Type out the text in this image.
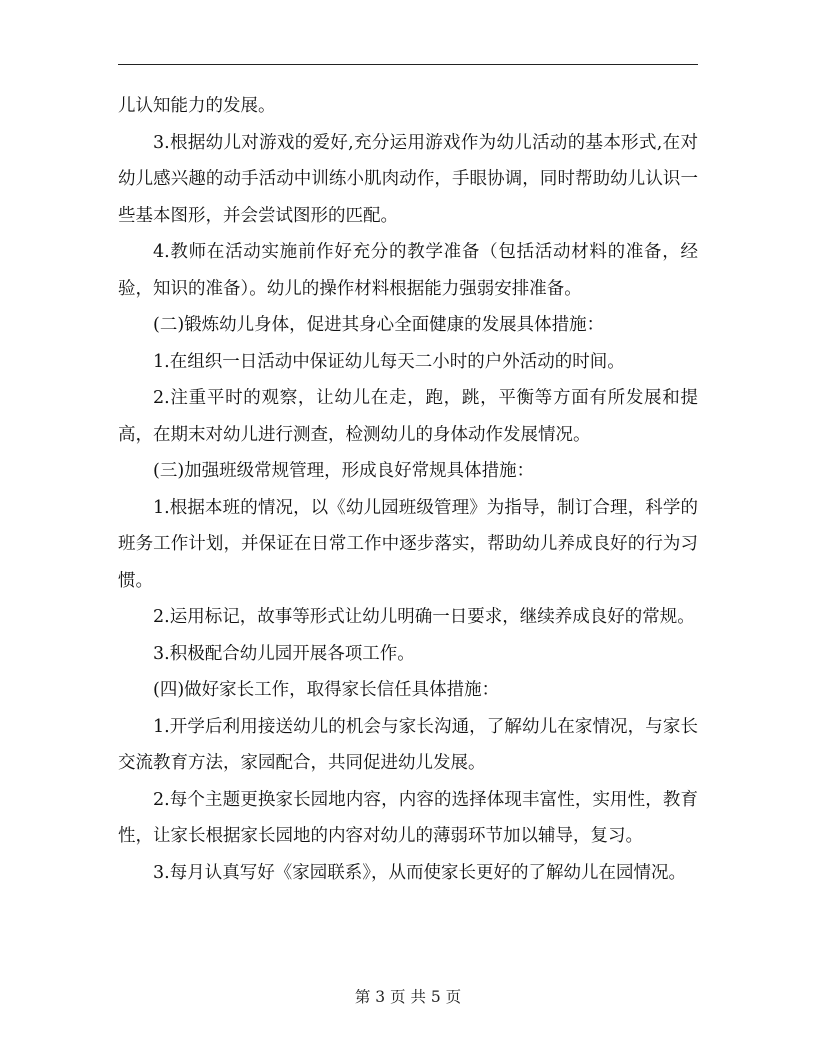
儿认知能力的发展。

3.根据幼儿对游戏的爱好,充分运用游戏作为幼儿活动的基本形式,在对幼儿感兴趣的动手活动中训练小肌肉动作，手眼协调，同时帮助幼儿认识一些基本图形，并会尝试图形的匹配。

4.教师在活动实施前作好充分的教学准备（包括活动材料的准备，经验，知识的准备）。幼儿的操作材料根据能力强弱安排准备。

(二)锻炼幼儿身体，促进其身心全面健康的发展具体措施：

1.在组织一日活动中保证幼儿每天二小时的户外活动的时间。

2.注重平时的观察，让幼儿在走，跑，跳，平衡等方面有所发展和提高，在期末对幼儿进行测查，检测幼儿的身体动作发展情况。

(三)加强班级常规管理，形成良好常规具体措施：

1.根据本班的情况，以《幼儿园班级管理》为指导，制订合理，科学的班务工作计划，并保证在日常工作中逐步落实，帮助幼儿养成良好的行为习惯。

2.运用标记，故事等形式让幼儿明确一日要求，继续养成良好的常规。

3.积极配合幼儿园开展各项工作。

(四)做好家长工作，取得家长信任具体措施：

1.开学后利用接送幼儿的机会与家长沟通，了解幼儿在家情况，与家长交流教育方法，家园配合，共同促进幼儿发展。

2.每个主题更换家长园地内容，内容的选择体现丰富性，实用性，教育性，让家长根据家长园地的内容对幼儿的薄弱环节加以辅导，复习。

3.每月认真写好《家园联系》，从而使家长更好的了解幼儿在园情况。

第 3 页 共 5 页
